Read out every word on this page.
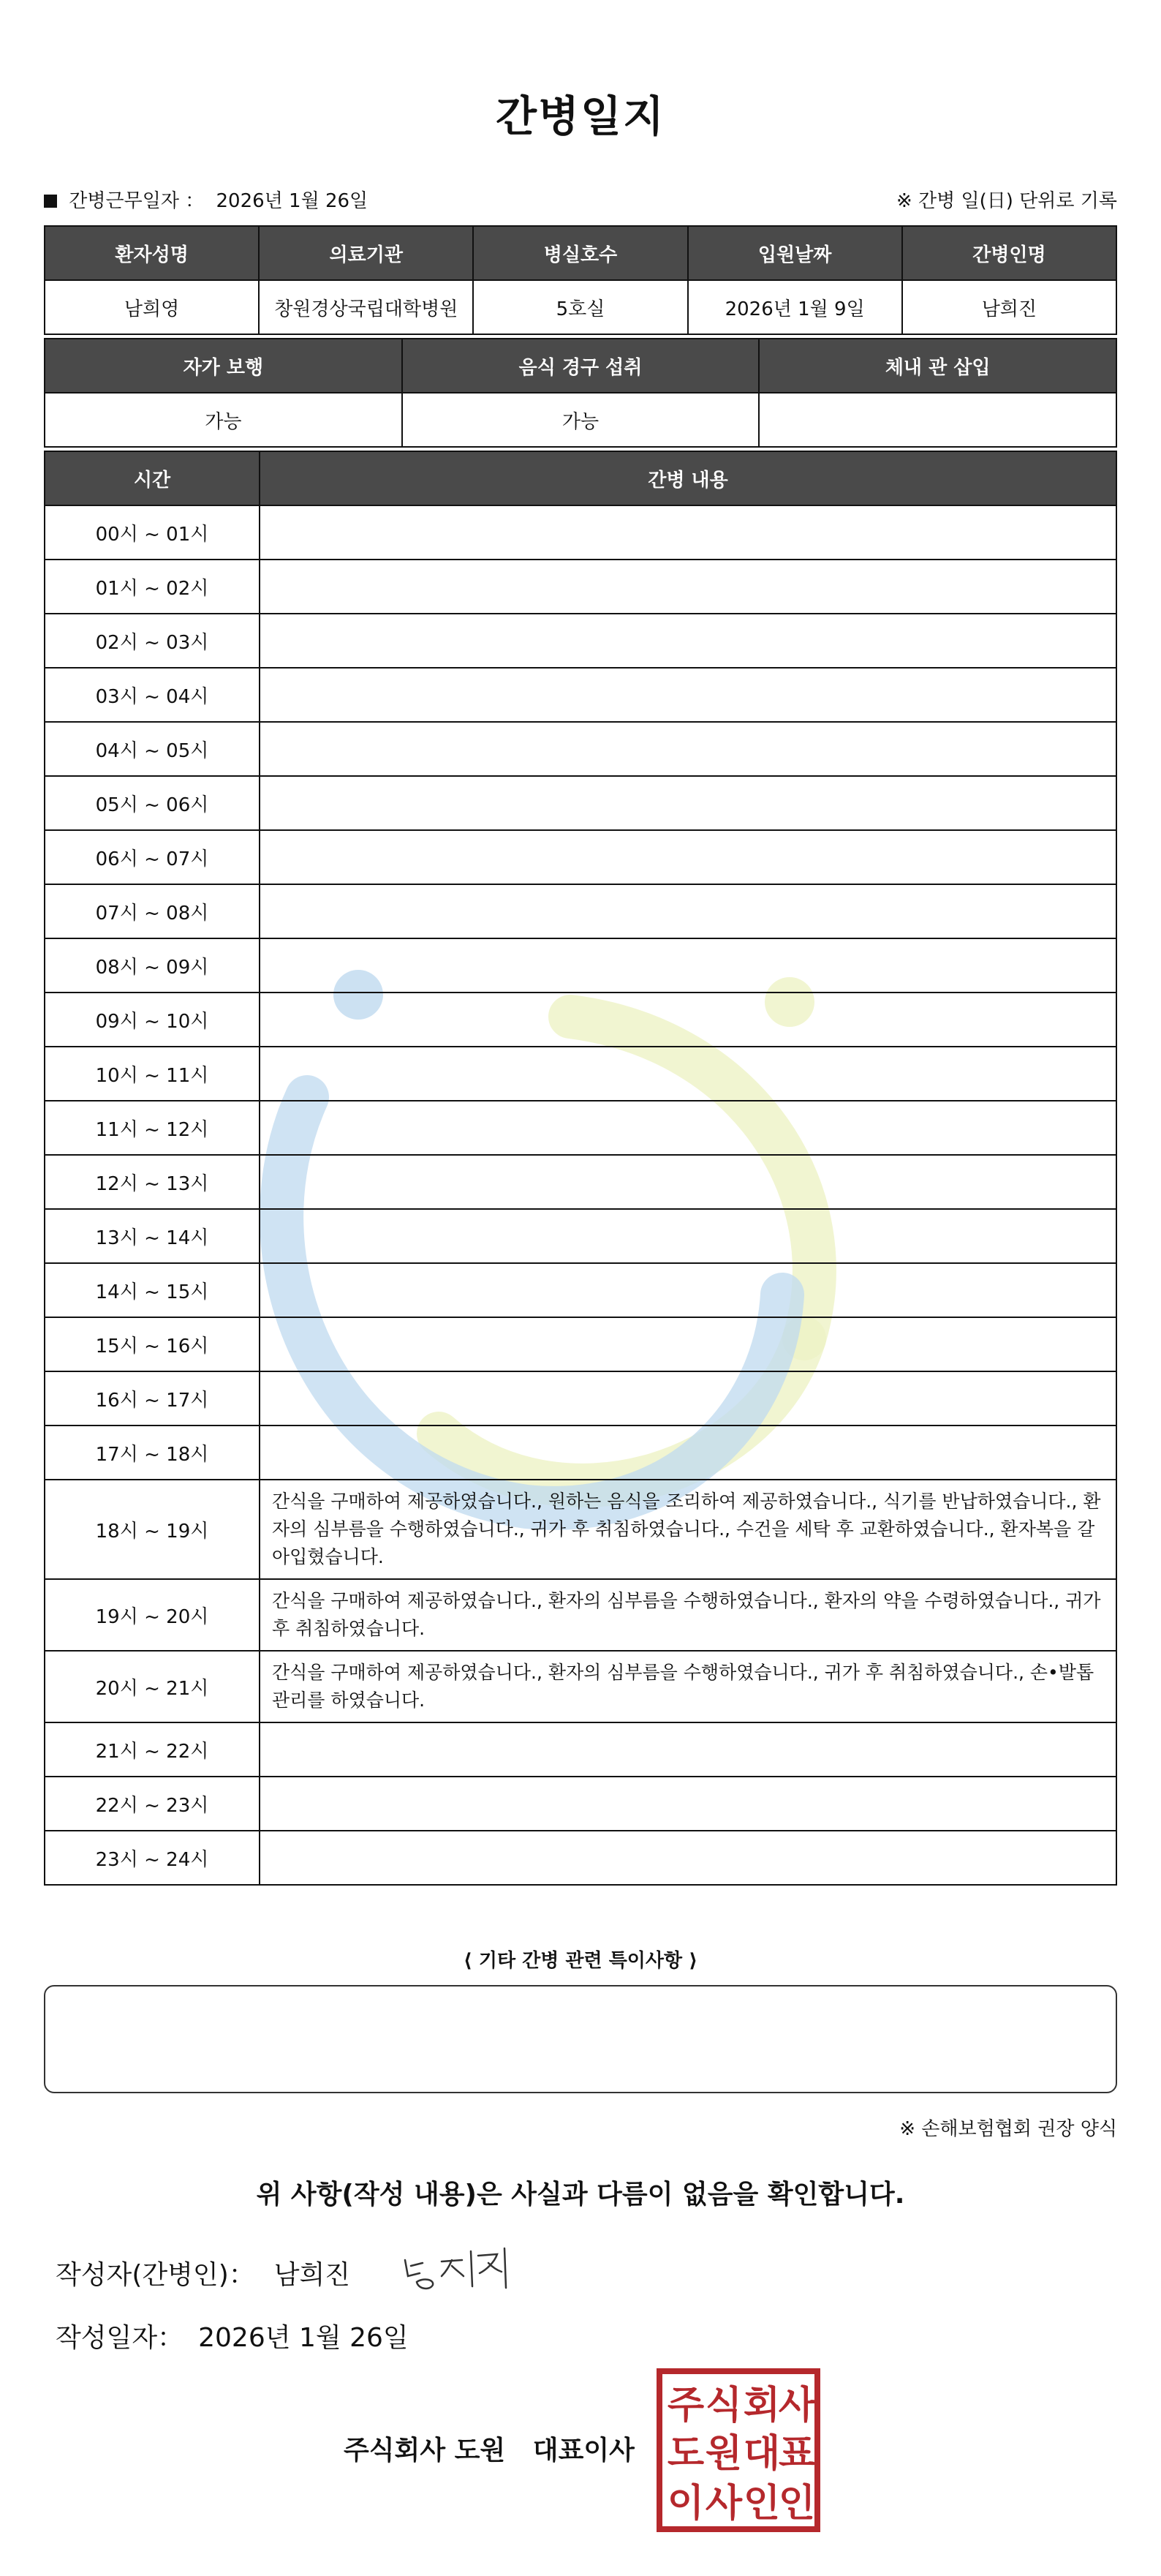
간병일지
간병근무일자 ： 2026년 1월 26일	※ 간병 일(日) 단위로 기록
환자성명	의료기관	병실호수	입원날짜	간병인명
남희영	창원경상국립대학병원	5호실	2026년 1월 9일	남희진
자가 보행	음식 경구 섭취	체내 관 삽입
가능	가능	
시간	간병 내용
00시 ~ 01시	
01시 ~ 02시	
02시 ~ 03시	
03시 ~ 04시	
04시 ~ 05시	
05시 ~ 06시	
06시 ~ 07시	
07시 ~ 08시	
08시 ~ 09시	
09시 ~ 10시	
10시 ~ 11시	
11시 ~ 12시	
12시 ~ 13시	
13시 ~ 14시	
14시 ~ 15시	
15시 ~ 16시	
16시 ~ 17시	
17시 ~ 18시	
18시 ~ 19시	간식을 구매하여 제공하였습니다., 원하는 음식을 조리하여 제공하였습니다., 식기를 반납하였습니다., 환자의 심부름을 수행하였습니다., 귀가 후 취침하였습니다., 수건을 세탁 후 교환하였습니다., 환자복을 갈아입혔습니다.
19시 ~ 20시	간식을 구매하여 제공하였습니다., 환자의 심부름을 수행하였습니다., 환자의 약을 수령하였습니다., 귀가 후 취침하였습니다.
20시 ~ 21시	간식을 구매하여 제공하였습니다., 환자의 심부름을 수행하였습니다., 귀가 후 취침하였습니다., 손•발톱 관리를 하였습니다.
21시 ~ 22시	
22시 ~ 23시	
23시 ~ 24시	
⟨ 기타 간병 관련 특이사항 ⟩
※ 손해보험협회 권장 양식
위 사항(작성 내용)은 사실과 다름이 없음을 확인합니다.
작성자(간병인)： 남희진
작성일자： 2026년 1월 26일
주식회사 도원   대표이사
주 식 회
사
도 원 대
표
이 사 인
인
